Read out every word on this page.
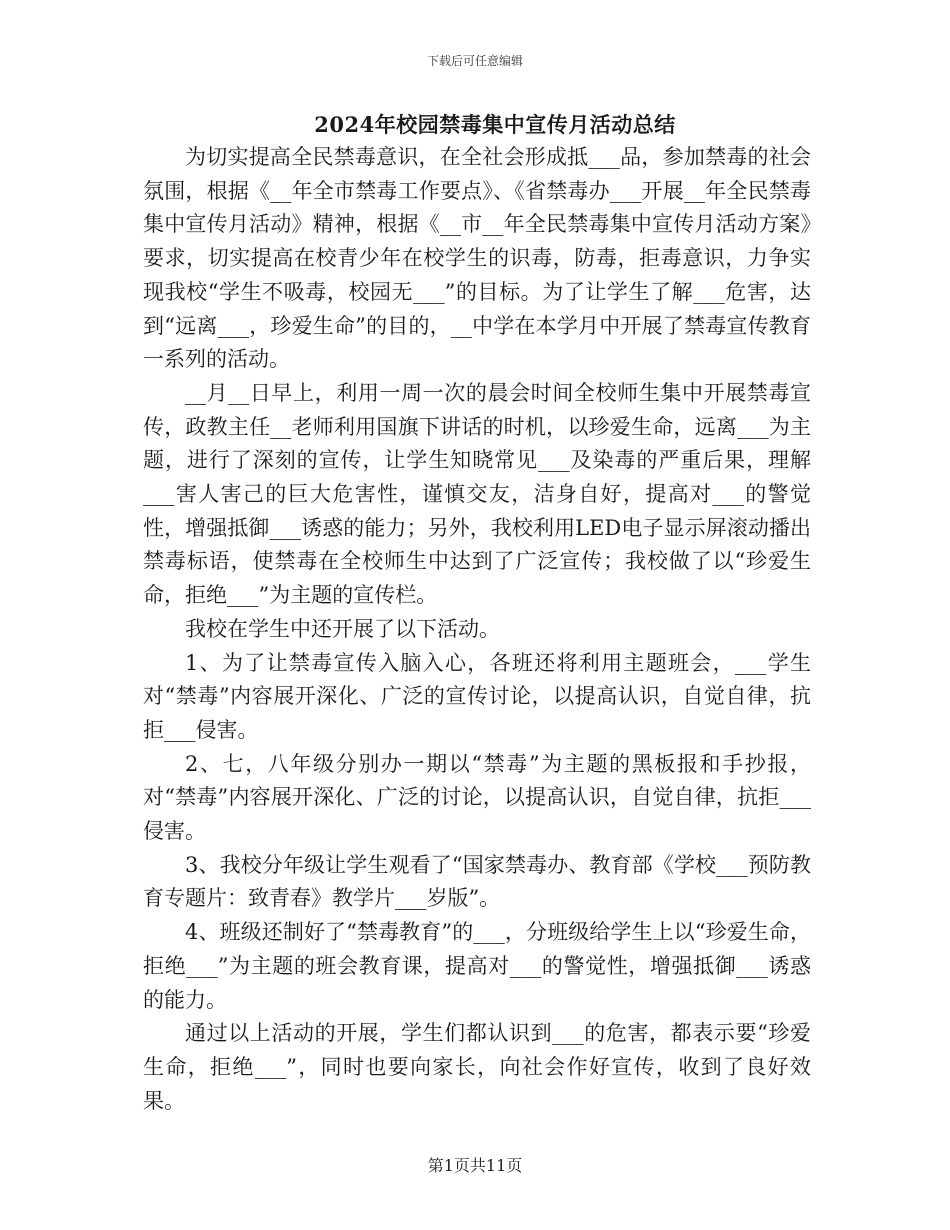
下载后可任意编辑
2024年校园禁毒集中宣传月活动总结

为切实提高全民禁毒意识，在全社会形成抵___品，参加禁毒的社会氛围，根据《__年全市禁毒工作要点》、《省禁毒办___开展__年全民禁毒集中宣传月活动》精神，根据《__市__年全民禁毒集中宣传月活动方案》要求，切实提高在校青少年在校学生的识毒，防毒，拒毒意识，力争实现我校“学生不吸毒，校园无___”的目标。为了让学生了解___危害，达到“远离___，珍爱生命”的目的，__中学在本学月中开展了禁毒宣传教育一系列的活动。

__月__日早上，利用一周一次的晨会时间全校师生集中开展禁毒宣传，政教主任__老师利用国旗下讲话的时机，以珍爱生命，远离___为主题，进行了深刻的宣传，让学生知晓常见___及染毒的严重后果，理解___害人害己的巨大危害性，谨慎交友，洁身自好，提高对___的警觉性，增强抵御___诱惑的能力；另外，我校利用LED电子显示屏滚动播出禁毒标语，使禁毒在全校师生中达到了广泛宣传；我校做了以“珍爱生命，拒绝___”为主题的宣传栏。

我校在学生中还开展了以下活动。

1、为了让禁毒宣传入脑入心，各班还将利用主题班会，___学生对“禁毒”内容展开深化、广泛的宣传讨论，以提高认识，自觉自律，抗拒___侵害。

2、七，八年级分别办一期以“禁毒”为主题的黑板报和手抄报，对“禁毒”内容展开深化、广泛的讨论，以提高认识，自觉自律，抗拒___侵害。

3、我校分年级让学生观看了“国家禁毒办、教育部《学校___预防教育专题片：致青春》教学片___岁版”。

4、班级还制好了“禁毒教育”的___，分班级给学生上以“珍爱生命，拒绝___”为主题的班会教育课，提高对___的警觉性，增强抵御___诱惑的能力。

通过以上活动的开展，学生们都认识到___的危害，都表示要“珍爱生命，拒绝___”，同时也要向家长，向社会作好宣传，收到了良好效果。

第1页共11页
